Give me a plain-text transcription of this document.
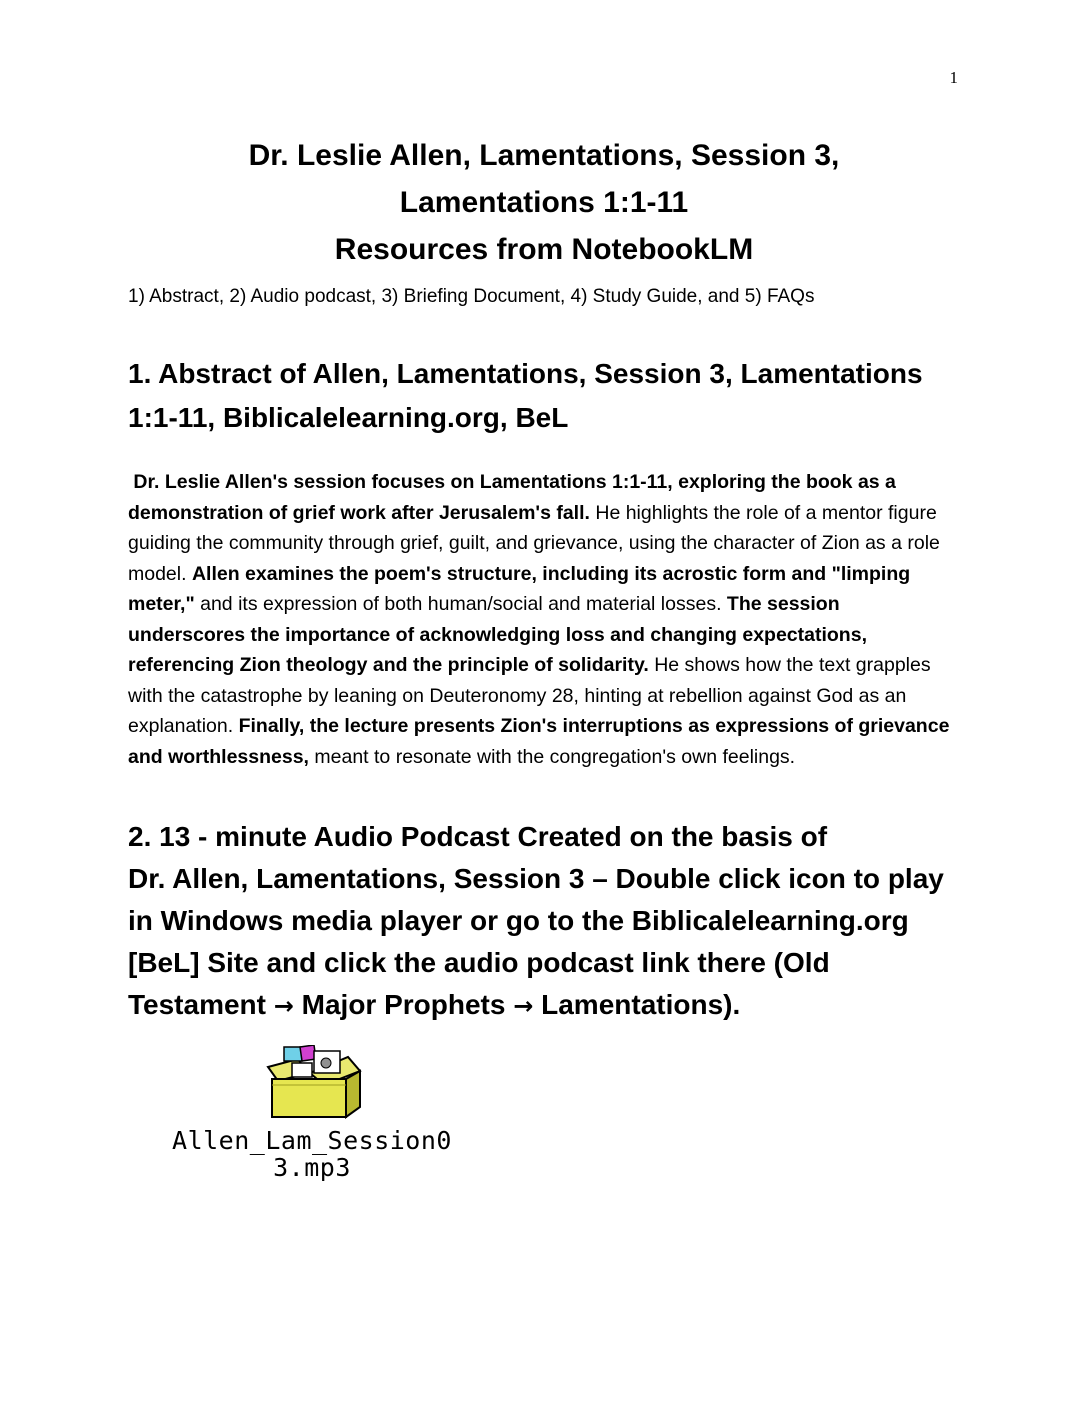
1
Dr. Leslie Allen, Lamentations, Session 3,
Lamentations 1:1-11
Resources from NotebookLM
1) Abstract, 2) Audio podcast, 3) Briefing Document, 4) Study Guide, and 5) FAQs
1. Abstract of Allen, Lamentations, Session 3, Lamentations 1:1-11, Biblicalelearning.org, BeL

Dr. Leslie Allen's session focuses on Lamentations 1:1-11, exploring the book as a demonstration of grief work after Jerusalem's fall. He highlights the role of a mentor figure guiding the community through grief, guilt, and grievance, using the character of Zion as a role model. Allen examines the poem's structure, including its acrostic form and "limping meter," and its expression of both human/social and material losses. The session underscores the importance of acknowledging loss and changing expectations, referencing Zion theology and the principle of solidarity. He shows how the text grapples with the catastrophe by leaning on Deuteronomy 28, hinting at rebellion against God as an explanation. Finally, the lecture presents Zion's interruptions as expressions of grievance and worthlessness, meant to resonate with the congregation's own feelings.

2. 13 - minute Audio Podcast Created on the basis of
Dr. Allen, Lamentations, Session 3 – Double click icon to play in Windows media player or go to the Biblicalelearning.org [BeL] Site and click the audio podcast link there (Old Testament → Major Prophets → Lamentations).
Allen_Lam_Session0
3.mp3
